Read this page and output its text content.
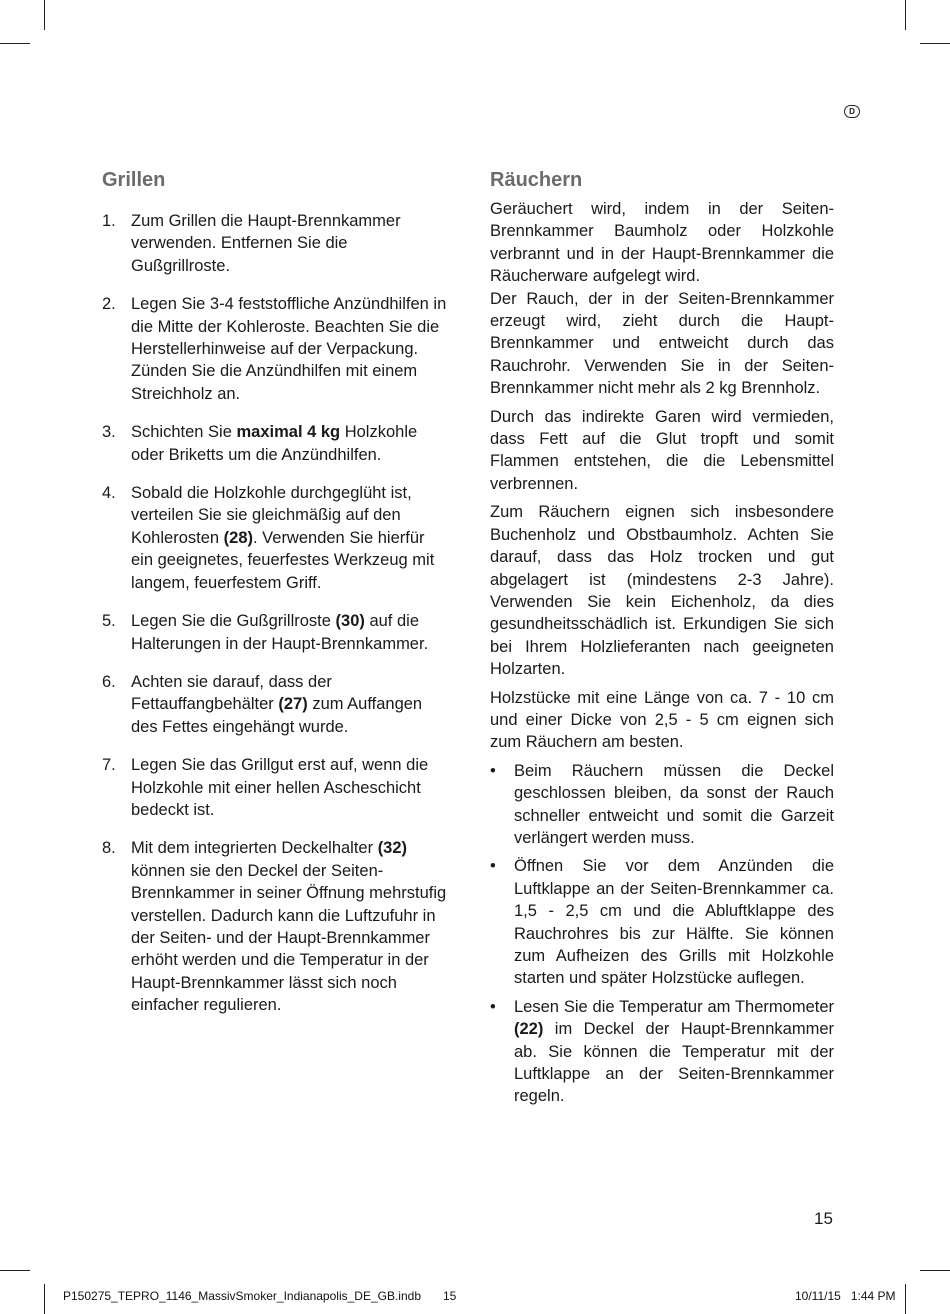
D
Grillen
1. Zum Grillen die Haupt-Brennkammer verwenden. Entfernen Sie die Gußgrillroste.
2. Legen Sie 3-4 feststoffliche Anzündhilfen in die Mitte der Kohleroste. Beachten Sie die Herstellerhinweise auf der Verpackung. Zünden Sie die Anzündhilfen mit einem Streichholz an.
3. Schichten Sie maximal 4 kg Holzkohle oder Briketts um die Anzündhilfen.
4. Sobald die Holzkohle durchgeglüht ist, verteilen Sie sie gleichmäßig auf den Kohlerosten (28). Verwenden Sie hierfür ein geeignetes, feuerfestes Werkzeug mit langem, feuerfestem Griff.
5. Legen Sie die Gußgrillroste (30) auf die Halterungen in der Haupt-Brennkammer.
6. Achten sie darauf, dass der Fettauffangbehälter (27) zum Auffangen des Fettes eingehängt wurde.
7. Legen Sie das Grillgut erst auf, wenn die Holzkohle mit einer hellen Ascheschicht bedeckt ist.
8. Mit dem integrierten Deckelhalter (32) können sie den Deckel der Seiten-Brennkammer in seiner Öffnung mehrstufig verstellen. Dadurch kann die Luftzufuhr in der Seiten- und der Haupt-Brennkammer erhöht werden und die Temperatur in der Haupt-Brennkammer lässt sich noch einfacher regulieren.
Räuchern

Geräuchert wird, indem in der Seiten-Brennkammer Baumholz oder Holzkohle verbrannt und in der Haupt-Brennkammer die Räucherware aufgelegt wird.

Der Rauch, der in der Seiten-Brennkammer erzeugt wird, zieht durch die Haupt-Brennkammer und entweicht durch das Rauchrohr. Verwenden Sie in der Seiten-Brennkammer nicht mehr als 2 kg Brennholz.

Durch das indirekte Garen wird vermieden, dass Fett auf die Glut tropft und somit Flammen entstehen, die die Lebensmittel verbrennen.

Zum Räuchern eignen sich insbesondere Buchenholz und Obstbaumholz. Achten Sie darauf, dass das Holz trocken und gut abgelagert ist (mindestens 2-3 Jahre). Verwenden Sie kein Eichenholz, da dies gesundheitsschädlich ist. Erkundigen Sie sich bei Ihrem Holzlieferanten nach geeigneten Holzarten.

Holzstücke mit eine Länge von ca. 7 - 10 cm und einer Dicke von 2,5 - 5 cm eignen sich zum Räuchern am besten.

• Beim Räuchern müssen die Deckel geschlossen bleiben, da sonst der Rauch schneller entweicht und somit die Garzeit verlängert werden muss.
• Öffnen Sie vor dem Anzünden die Luftklappe an der Seiten-Brennkammer ca. 1,5 - 2,5 cm und die Abluftklappe des Rauchrohres bis zur Hälfte. Sie können zum Aufheizen des Grills mit Holzkohle starten und später Holzstücke auflegen.
• Lesen Sie die Temperatur am Thermometer (22) im Deckel der Haupt-Brennkammer ab. Sie können die Temperatur mit der Luftklappe an der Seiten-Brennkammer regeln.
15
P150275_TEPRO_1146_MassivSmoker_Indianapolis_DE_GB.indb 15	10/11/15   1:44 PM
